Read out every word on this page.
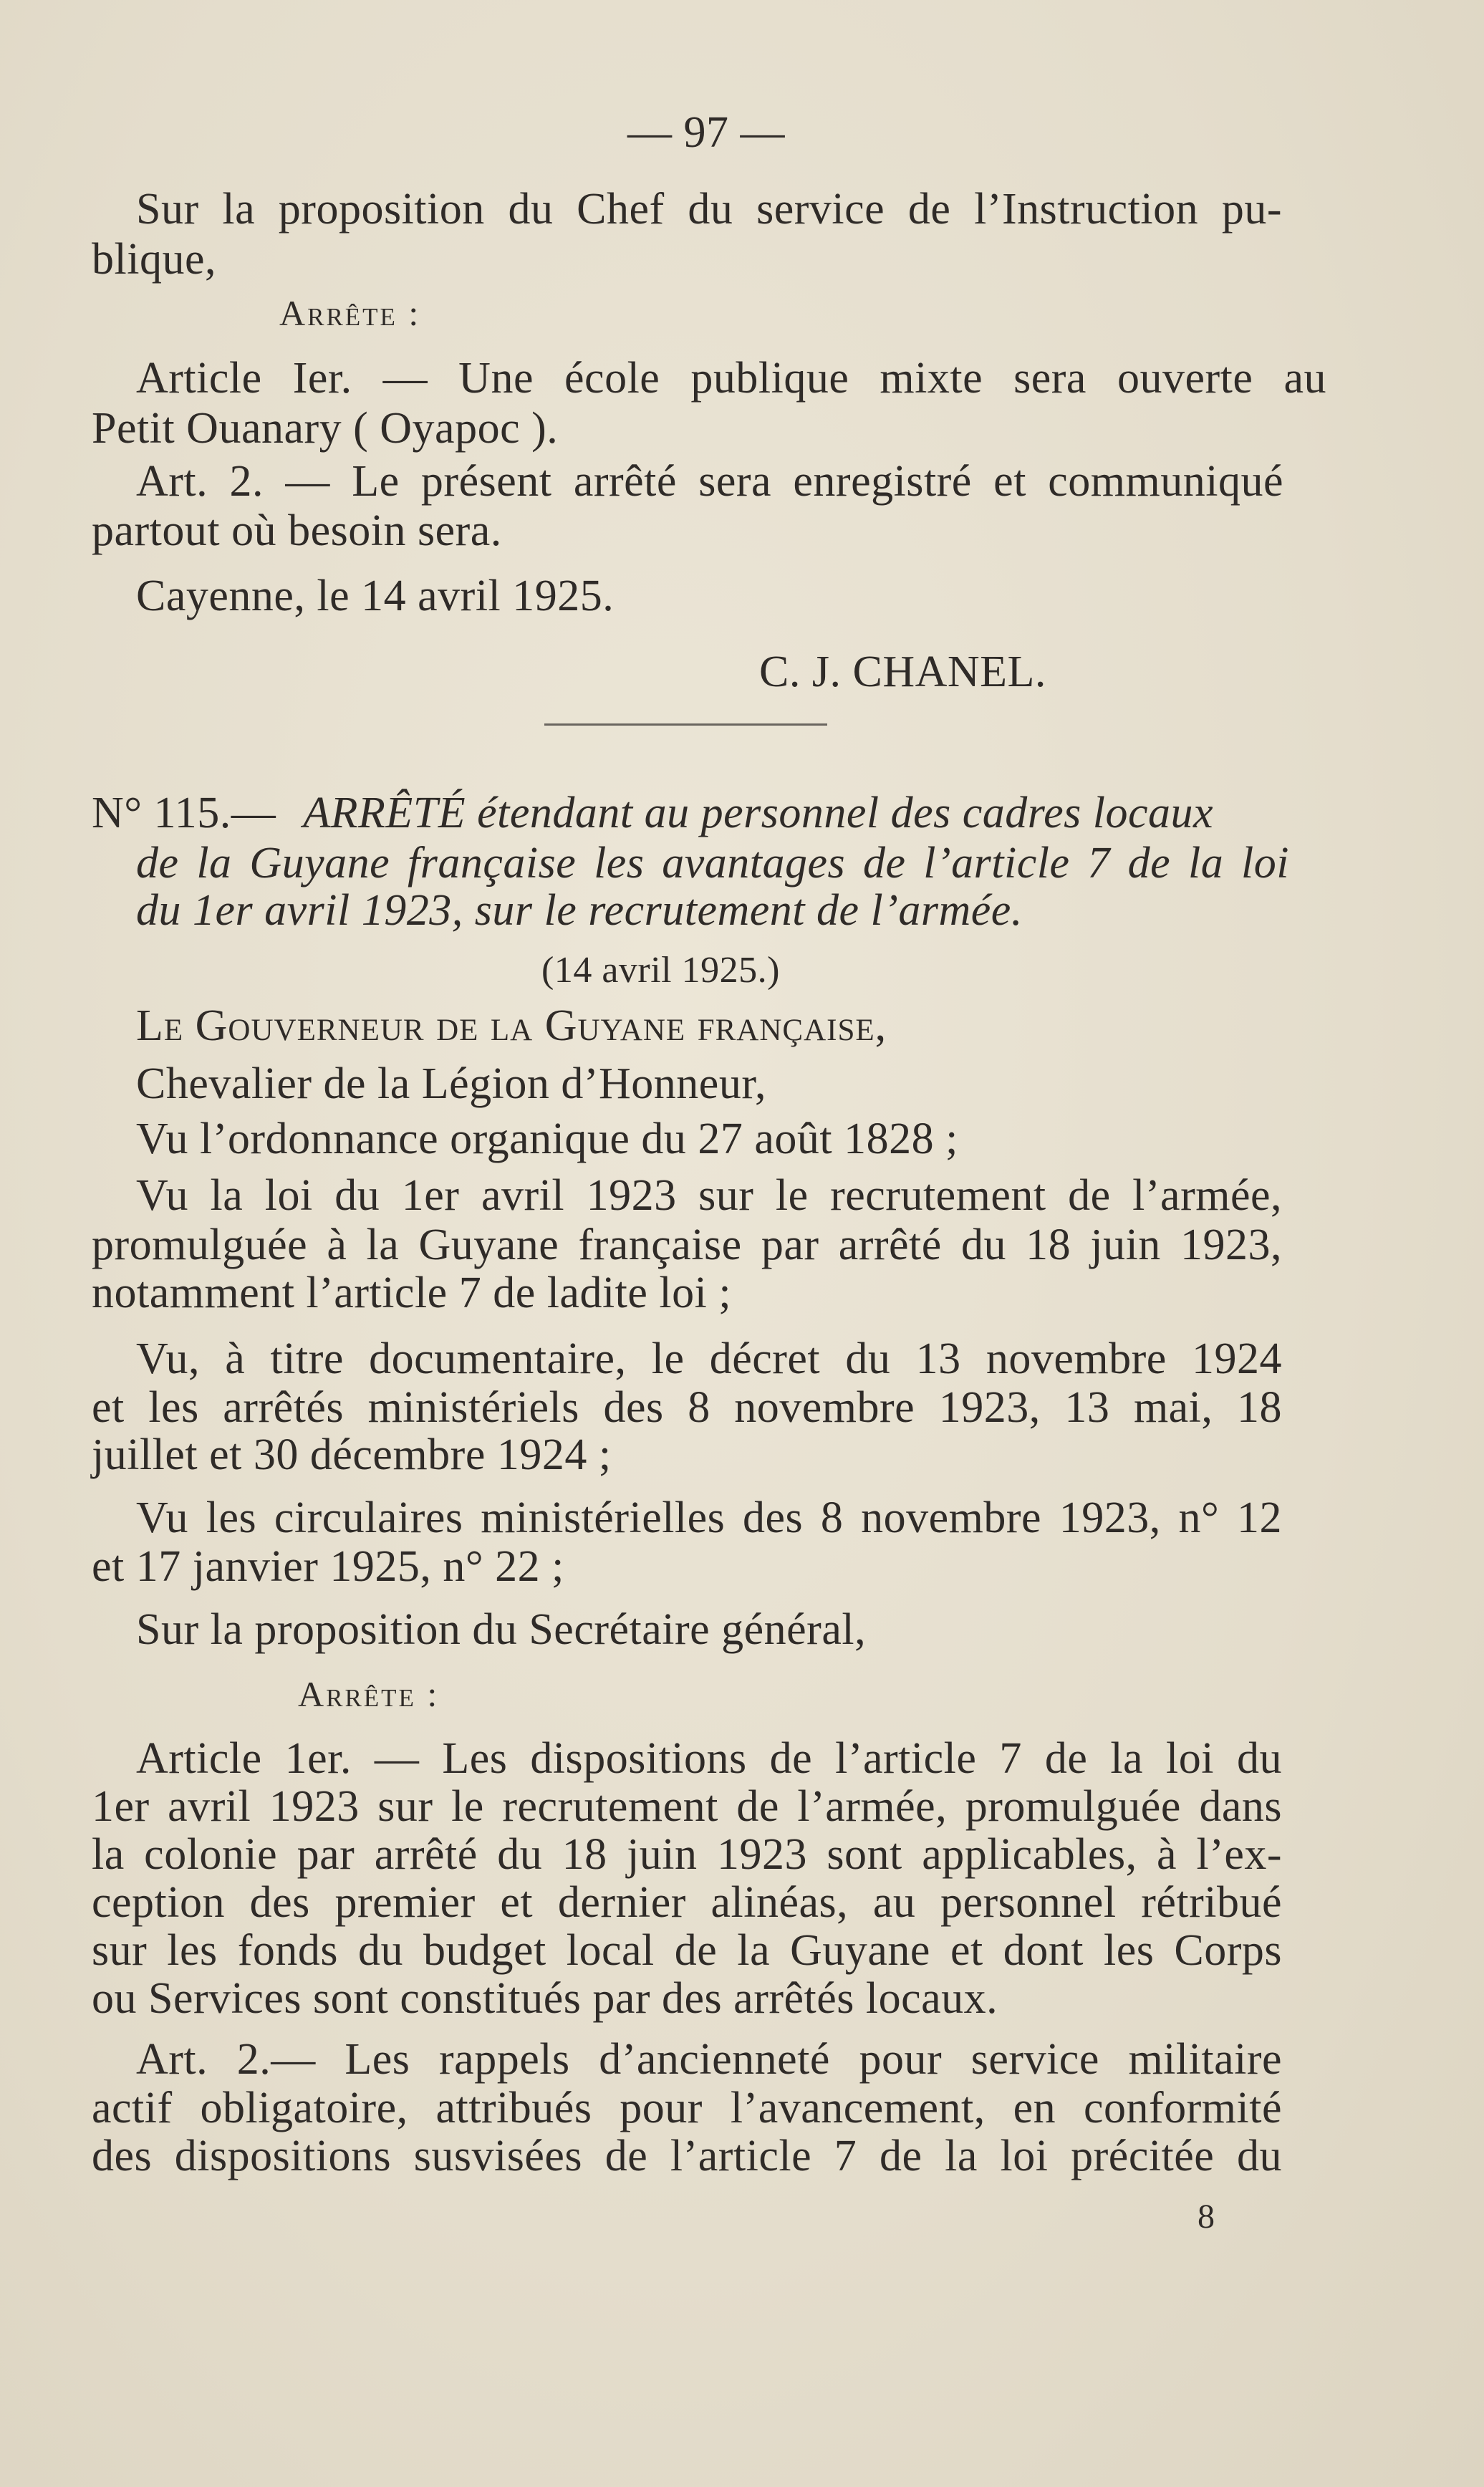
— 97 —
Sur la proposition du Chef du service de l’Instruction pu-
blique,
Arrête :
Article Ier. — Une école publique mixte sera ouverte au
Petit Ouanary ( Oyapoc ).
Art. 2. — Le présent arrêté sera enregistré et communiqué
partout où besoin sera.
Cayenne, le 14 avril 1925.
C. J. CHANEL.
N° 115.— ARRÊTÉ étendant au personnel des cadres locaux
de la Guyane française les avantages de l’article 7 de la loi
du 1er avril 1923, sur le recrutement de l’armée.
(14 avril 1925.)
Le Gouverneur de la Guyane française,
Chevalier de la Légion d’Honneur,
Vu l’ordonnance organique du 27 août 1828 ;
Vu la loi du 1er avril 1923 sur le recrutement de l’armée,
promulguée à la Guyane française par arrêté du 18 juin 1923,
notamment l’article 7 de ladite loi ;
Vu, à titre documentaire, le décret du 13 novembre 1924
et les arrêtés ministériels des 8 novembre 1923, 13 mai, 18
juillet et 30 décembre 1924 ;
Vu les circulaires ministérielles des 8 novembre 1923, n° 12
et 17 janvier 1925, n° 22 ;
Sur la proposition du Secrétaire général,
Arrête :
Article 1er. — Les dispositions de l’article 7 de la loi du
1er avril 1923 sur le recrutement de l’armée, promulguée dans
la colonie par arrêté du 18 juin 1923 sont applicables, à l’ex-
ception des premier et dernier alinéas, au personnel rétribué
sur les fonds du budget local de la Guyane et dont les Corps
ou Services sont constitués par des arrêtés locaux.
Art. 2.— Les rappels d’ancienneté pour service militaire
actif obligatoire, attribués pour l’avancement, en conformité
des dispositions susvisées de l’article 7 de la loi précitée du
8
